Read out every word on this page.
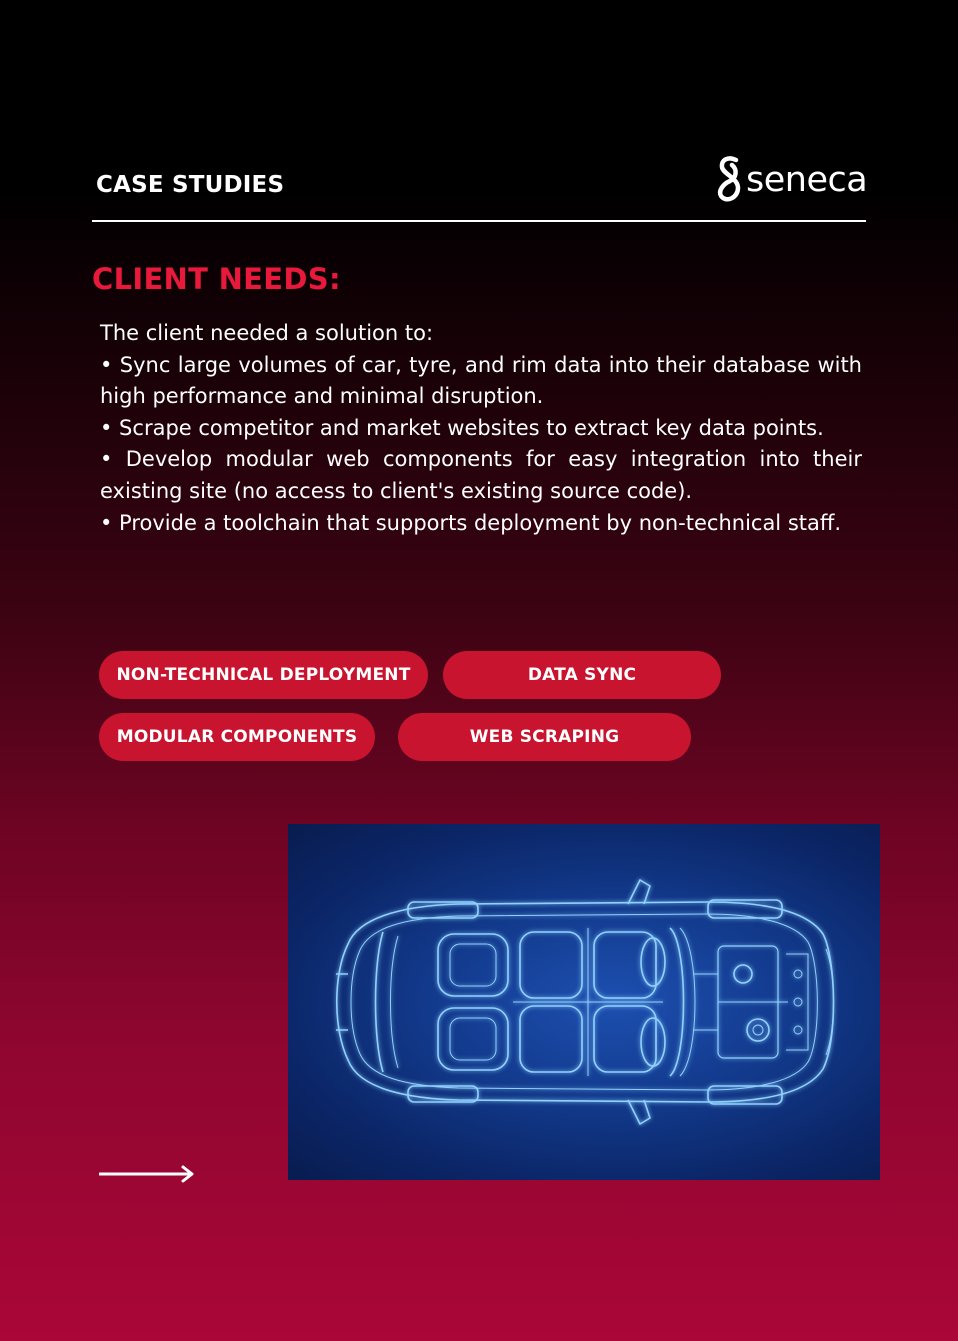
CASE STUDIES	seneca
CLIENT NEEDS:

The client needed a solution to:

• Sync large volumes of car, tyre, and rim data into their database with high performance and minimal disruption.

• Scrape competitor and market websites to extract key data points.

• Develop modular web components for easy integration into their existing site (no access to client's existing source code).

• Provide a toolchain that supports deployment by non-technical staff.

NON-TECHNICAL DEPLOYMENT	DATA SYNC
MODULAR COMPONENTS	WEB SCRAPING
